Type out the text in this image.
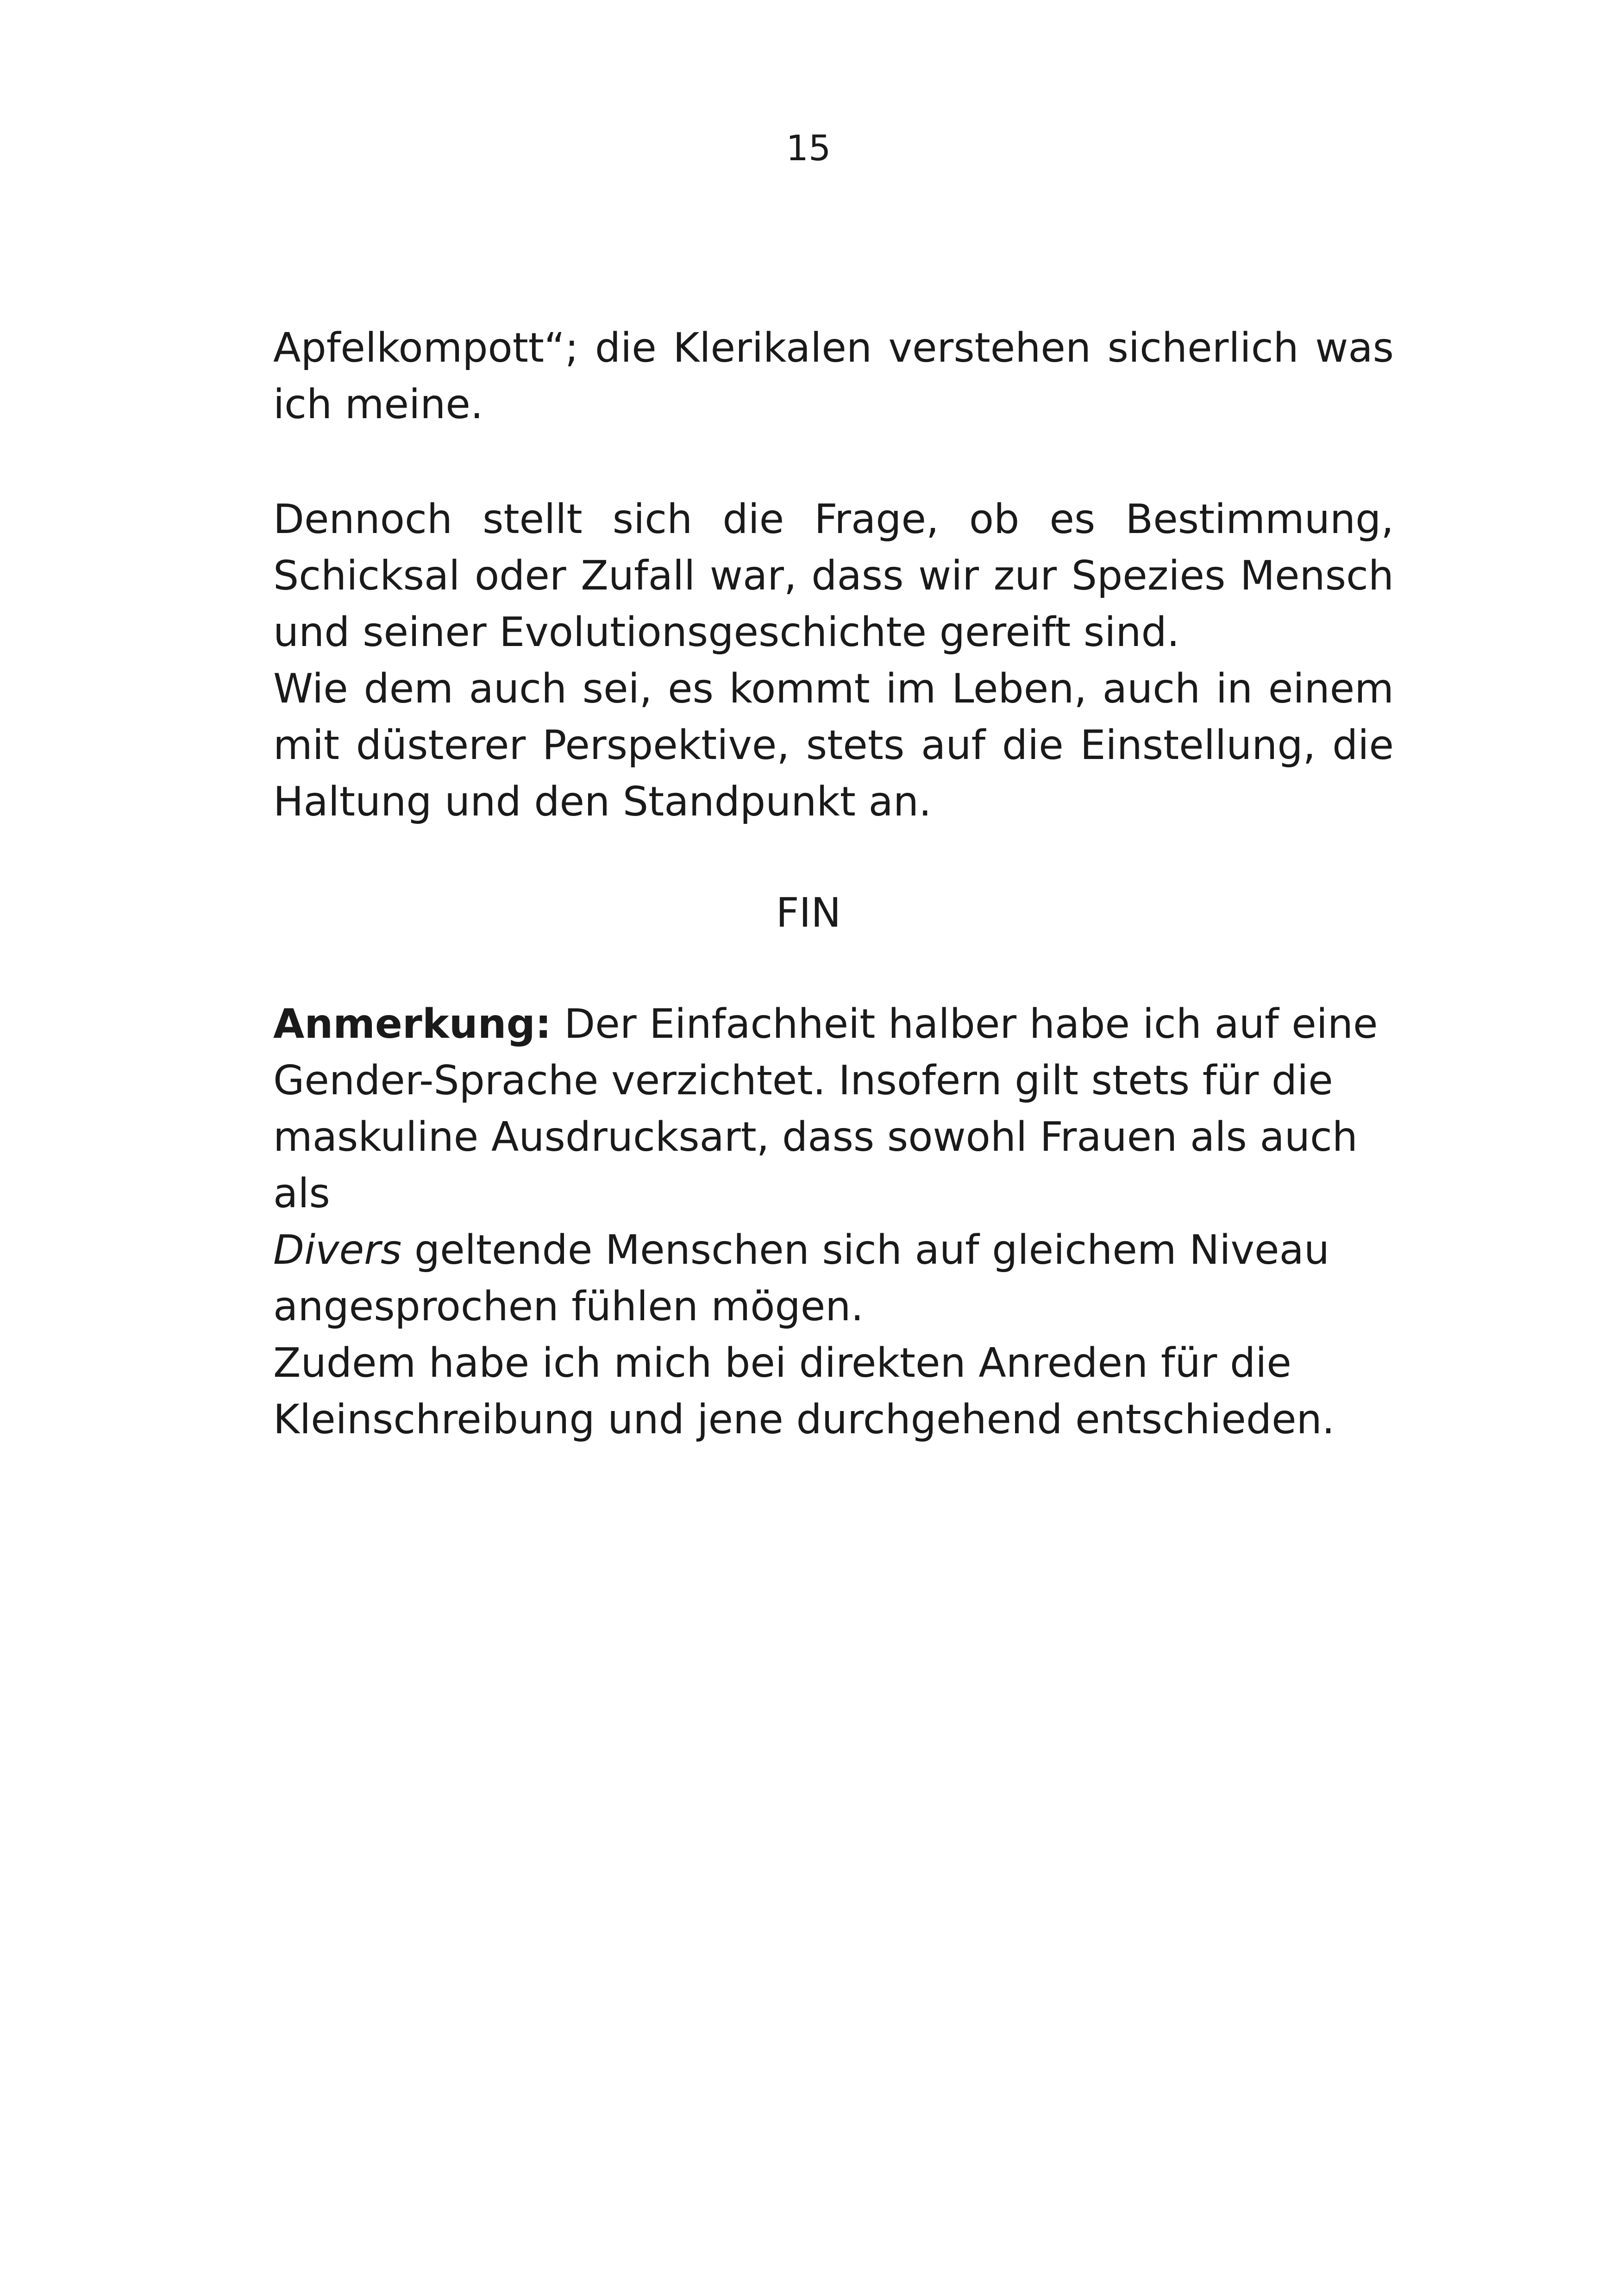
15
Apfelkompott“; die Klerikalen verstehen sicherlich was ich meine.
Dennoch stellt sich die Frage, ob es Bestimmung, Schicksal oder Zufall war, dass wir zur Spezies Mensch und seiner Evolutionsgeschichte gereift sind.
Wie dem auch sei, es kommt im Leben, auch in einem mit düsterer Perspektive, stets auf die Einstellung, die Haltung und den Standpunkt an.
FIN
Anmerkung: Der Einfachheit halber habe ich auf eine
Gender-Sprache verzichtet. Insofern gilt stets für die
maskuline Ausdrucksart, dass sowohl Frauen als auch als
Divers geltende Menschen sich auf gleichem Niveau
angesprochen fühlen mögen.
Zudem habe ich mich bei direkten Anreden für die
Kleinschreibung und jene durchgehend entschieden.
